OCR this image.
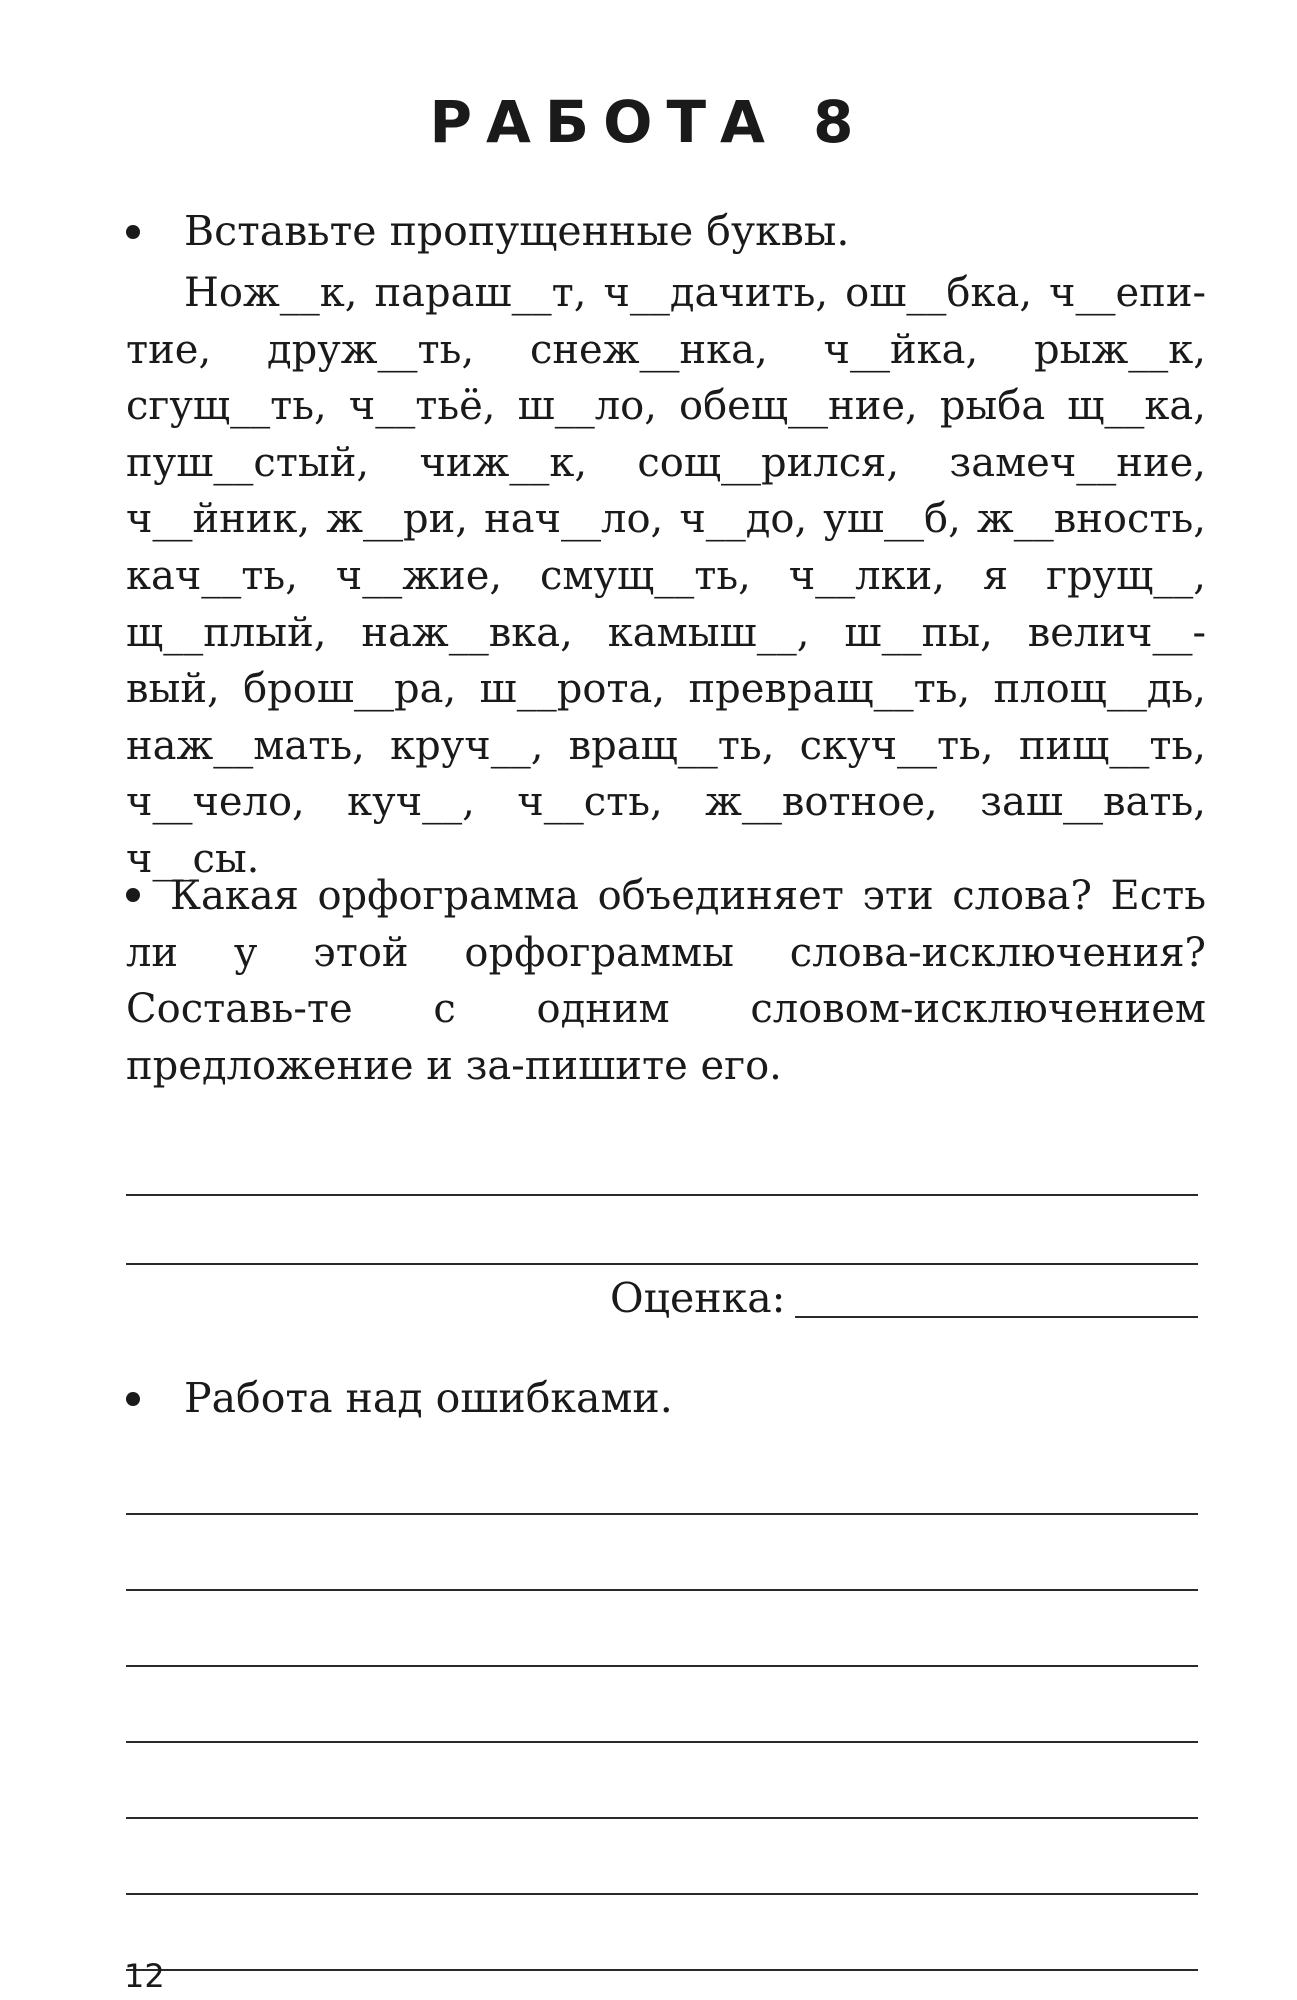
РАБОТА 8
Вставьте пропущенные буквы.

Нож__к, параш__т, ч__дачить, ош__бка, ч__епи-тие, друж__ть, снеж__нка, ч__йка, рыж__к, сгущ__ть, ч__тьё, ш__ло, обещ__ние, рыба щ__ка, пуш__стый, чиж__к, сощ__рился, замеч__ние, ч__йник, ж__ри, нач__ло, ч__до, уш__б, ж__вность, кач__ть, ч__жие, смущ__ть, ч__лки, я грущ__, щ__плый, наж__вка, камыш__, ш__пы, велич__-вый, брош__ра, ш__рота, превращ__ть, площ__дь, наж__мать, круч__, вращ__ть, скуч__ть, пищ__ть, ч__чело, куч__, ч__сть, ж__вотное, заш__вать, ч__сы.

Какая орфограмма объединяет эти слова? Есть ли у этой орфограммы слова-исключения? Составь-те с одним словом-исключением предложение и за-пишите его.

Оценка:
Работа над ошибками.
12
